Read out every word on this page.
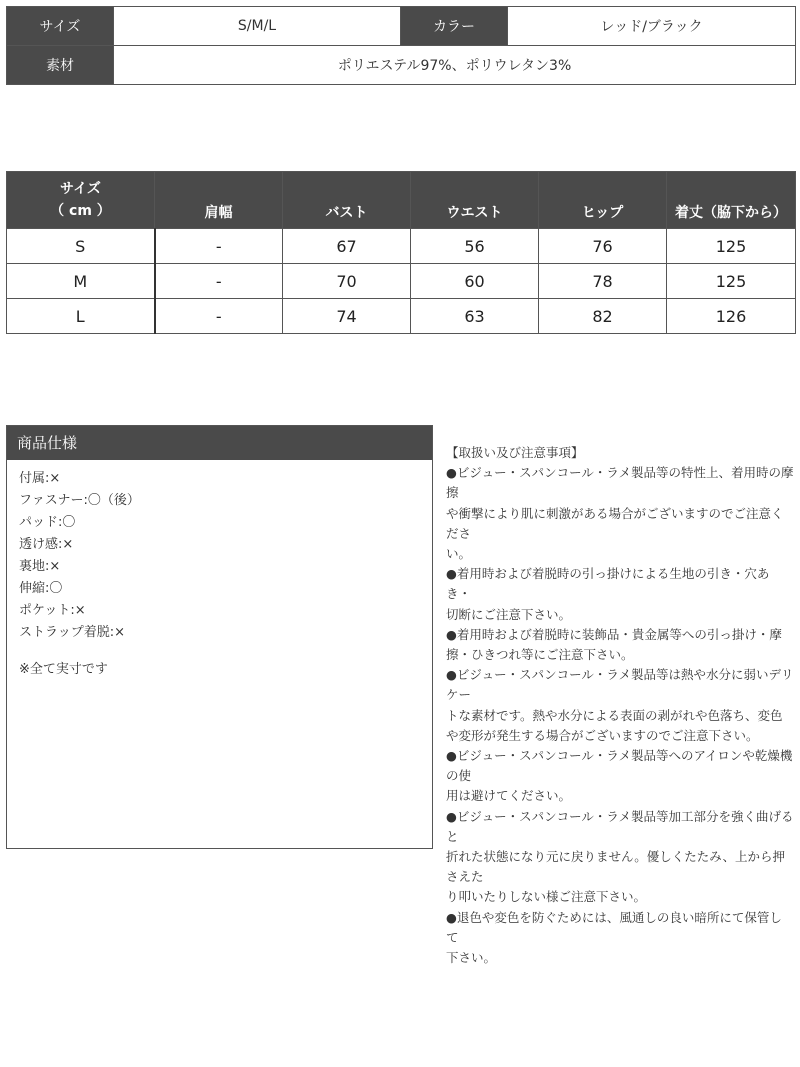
サイズ	S/M/L	カラー	レッド/ブラック
素材	ポリエステル97%、ポリウレタン3%		
サイズ
（ cm ）	肩幅	バスト	ウエスト	ヒップ	着丈（脇下から）
S	-	67	56	76	125
M	-	70	60	78	125
L	-	74	63	82	126
商品仕様
付属:×
ファスナー:〇（後）
パッド:〇
透け感:×
裏地:×
伸縮:〇
ポケット:×
ストラップ着脱:×
※全て実寸です
【取扱い及び注意事項】
●ビジュー・スパンコール・ラメ製品等の特性上、着用時の摩擦
や衝撃により肌に刺激がある場合がございますのでご注意くださ
い。
●着用時および着脱時の引っ掛けによる生地の引き・穴あき・
切断にご注意下さい。
●着用時および着脱時に装飾品・貴金属等への引っ掛け・摩
擦・ひきつれ等にご注意下さい。
●ビジュー・スパンコール・ラメ製品等は熱や水分に弱いデリケー
トな素材です。熱や水分による表面の剥がれや色落ち、変色
や変形が発生する場合がございますのでご注意下さい。
●ビジュー・スパンコール・ラメ製品等へのアイロンや乾燥機の使
用は避けてください。
●ビジュー・スパンコール・ラメ製品等加工部分を強く曲げると
折れた状態になり元に戻りません。優しくたたみ、上から押さえた
り叩いたりしない様ご注意下さい。
●退色や変色を防ぐためには、風通しの良い暗所にて保管して
下さい。
